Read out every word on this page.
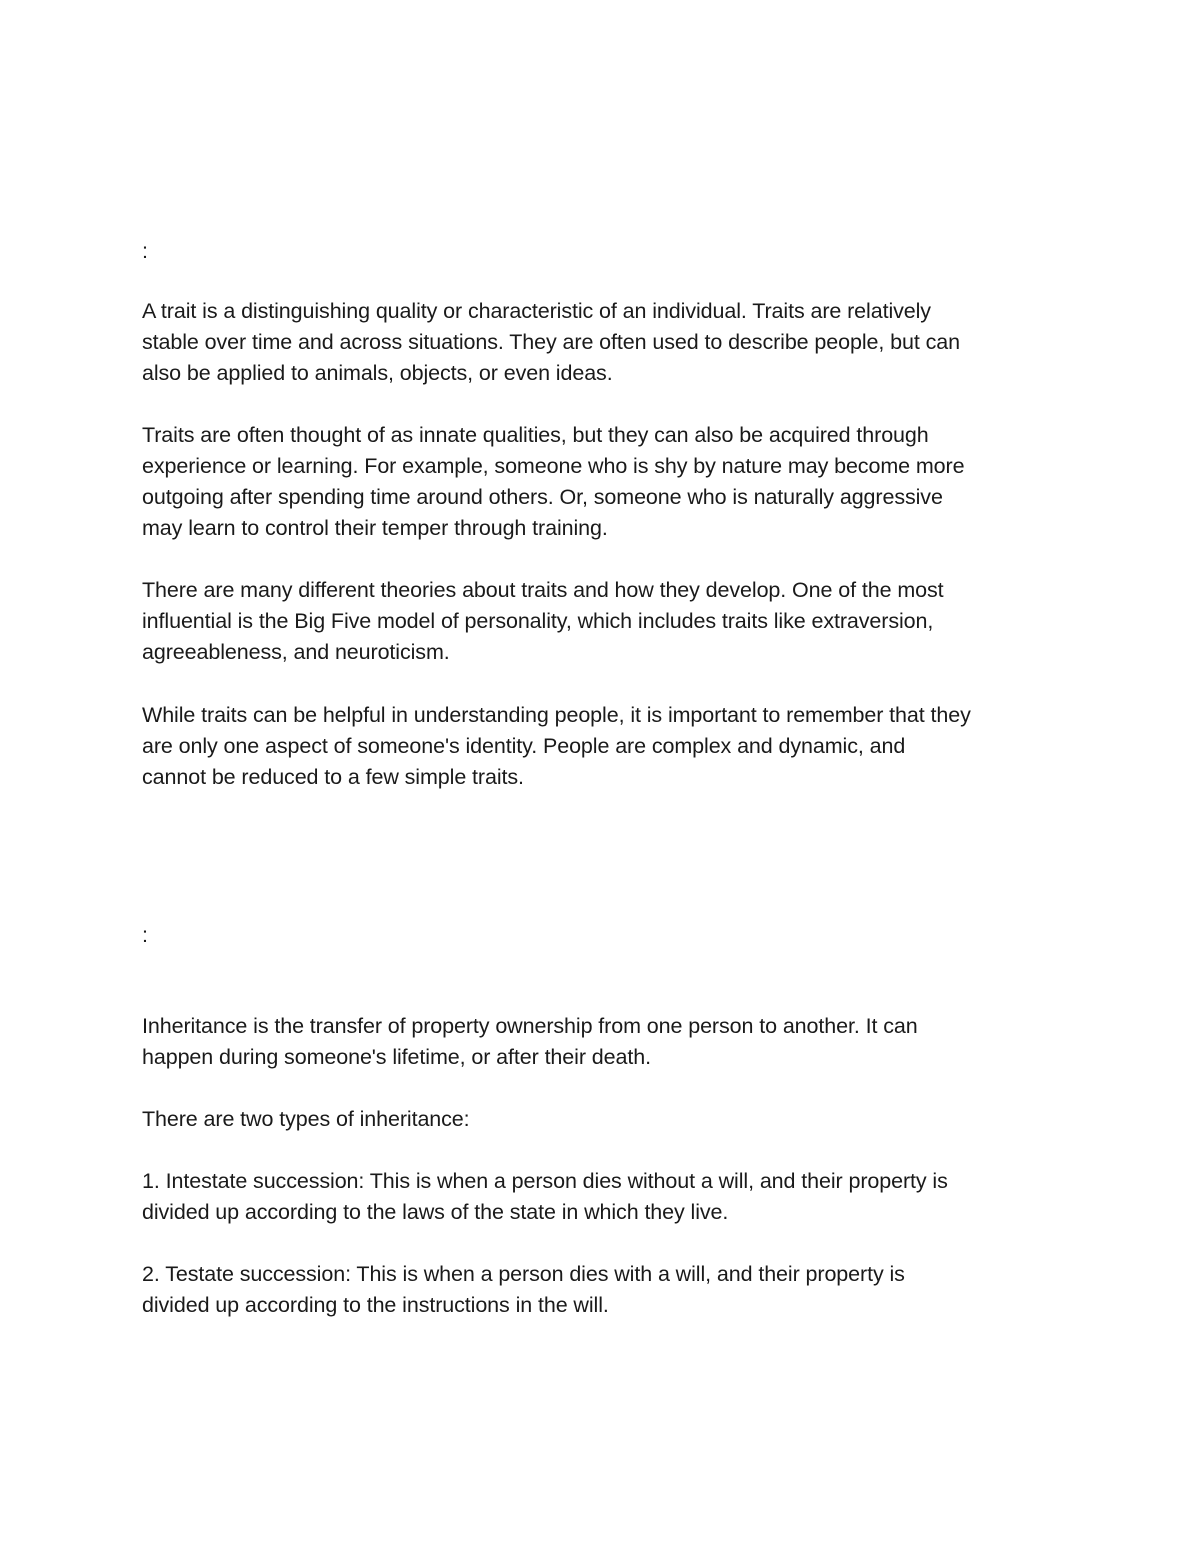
:
A trait is a distinguishing quality or characteristic of an individual. Traits are relatively
stable over time and across situations. They are often used to describe people, but can
also be applied to animals, objects, or even ideas.
Traits are often thought of as innate qualities, but they can also be acquired through
experience or learning. For example, someone who is shy by nature may become more
outgoing after spending time around others. Or, someone who is naturally aggressive
may learn to control their temper through training.
There are many different theories about traits and how they develop. One of the most
influential is the Big Five model of personality, which includes traits like extraversion,
agreeableness, and neuroticism.
While traits can be helpful in understanding people, it is important to remember that they
are only one aspect of someone's identity. People are complex and dynamic, and
cannot be reduced to a few simple traits.
:
Inheritance is the transfer of property ownership from one person to another. It can
happen during someone's lifetime, or after their death.
There are two types of inheritance:
1. Intestate succession: This is when a person dies without a will, and their property is
divided up according to the laws of the state in which they live.
2. Testate succession: This is when a person dies with a will, and their property is
divided up according to the instructions in the will.
